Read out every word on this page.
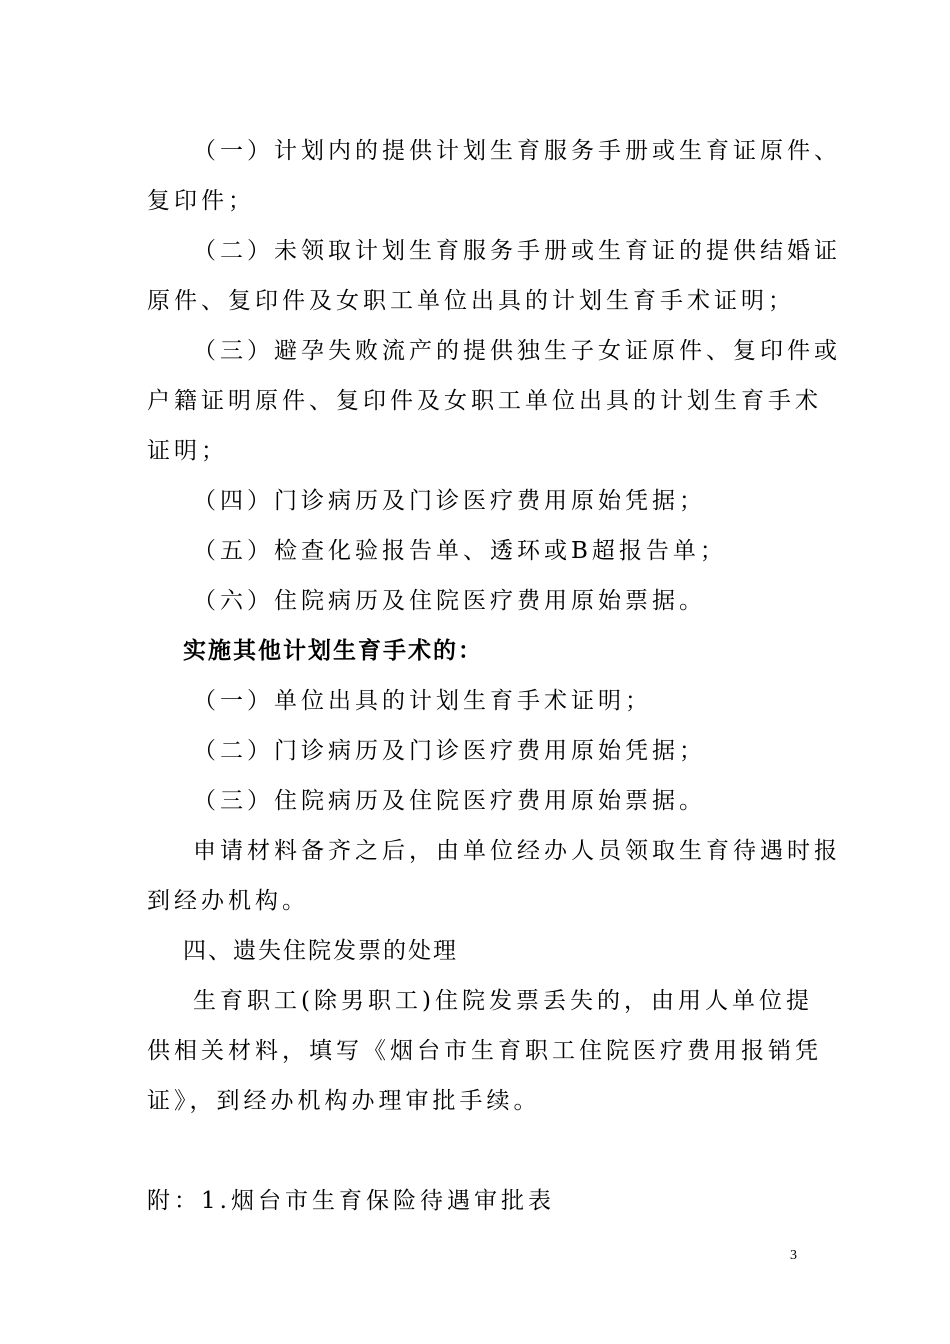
（一）计划内的提供计划生育服务手册或生育证原件、
复印件；
（二）未领取计划生育服务手册或生育证的提供结婚证
原件、复印件及女职工单位出具的计划生育手术证明；
（三）避孕失败流产的提供独生子女证原件、复印件或
户籍证明原件、复印件及女职工单位出具的计划生育手术
证明；
（四）门诊病历及门诊医疗费用原始凭据；
（五）检查化验报告单、透环或B超报告单；
（六）住院病历及住院医疗费用原始票据。
实施其他计划生育手术的：
（一）单位出具的计划生育手术证明；
（二）门诊病历及门诊医疗费用原始凭据；
（三）住院病历及住院医疗费用原始票据。
申请材料备齐之后，由单位经办人员领取生育待遇时报
到经办机构。
四、遗失住院发票的处理
生育职工(除男职工)住院发票丢失的，由用人单位提
供相关材料，填写《烟台市生育职工住院医疗费用报销凭
证》，到经办机构办理审批手续。
附：1.烟台市生育保险待遇审批表
3
